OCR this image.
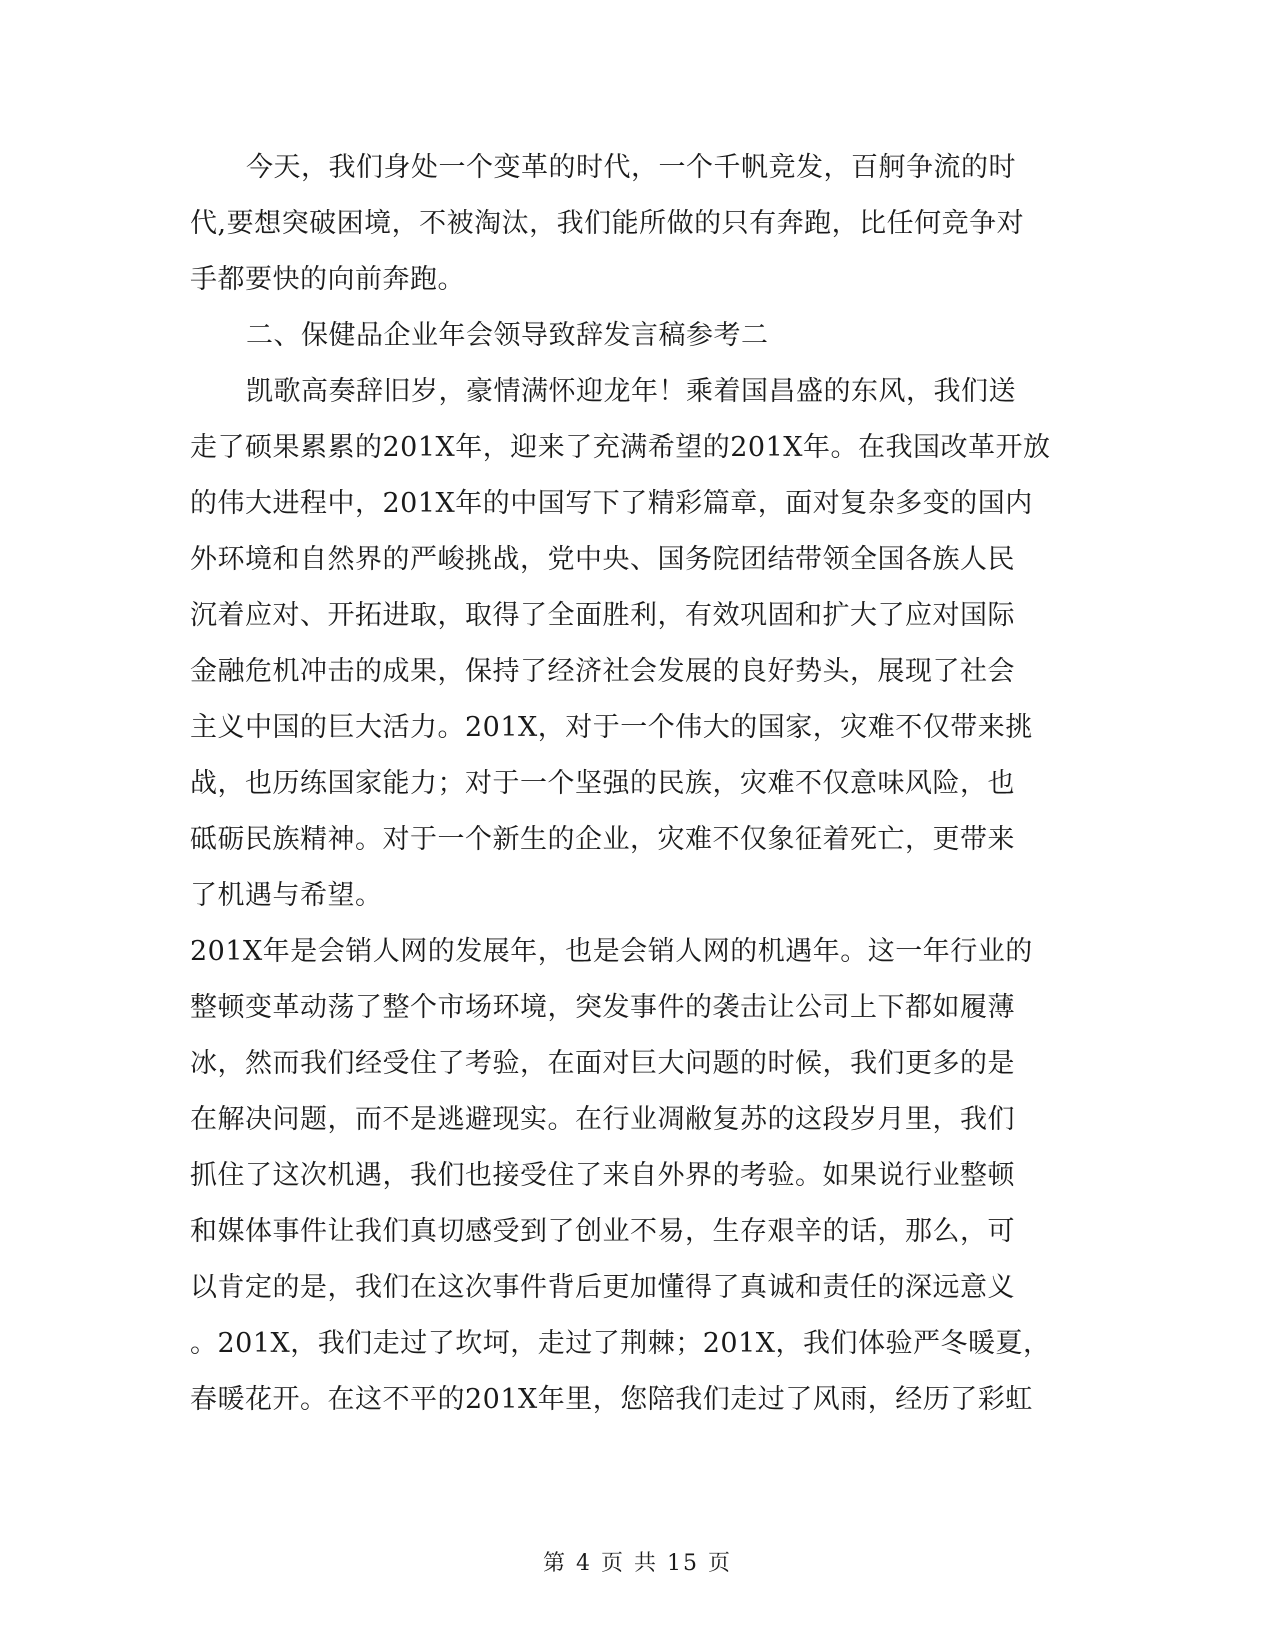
今天，我们身处一个变革的时代，一个千帆竞发，百舸争流的时
代,要想突破困境，不被淘汰，我们能所做的只有奔跑，比任何竞争对
手都要快的向前奔跑。
二、保健品企业年会领导致辞发言稿参考二
凯歌高奏辞旧岁，豪情满怀迎龙年！乘着国昌盛的东风，我们送
走了硕果累累的201X年，迎来了充满希望的201X年。在我国改革开放
的伟大进程中，201X年的中国写下了精彩篇章，面对复杂多变的国内
外环境和自然界的严峻挑战，党中央、国务院团结带领全国各族人民
沉着应对、开拓进取，取得了全面胜利，有效巩固和扩大了应对国际
金融危机冲击的成果，保持了经济社会发展的良好势头，展现了社会
主义中国的巨大活力。201X，对于一个伟大的国家，灾难不仅带来挑
战，也历练国家能力；对于一个坚强的民族，灾难不仅意味风险，也
砥砺民族精神。对于一个新生的企业，灾难不仅象征着死亡，更带来
了机遇与希望。
201X年是会销人网的发展年，也是会销人网的机遇年。这一年行业的
整顿变革动荡了整个市场环境，突发事件的袭击让公司上下都如履薄
冰，然而我们经受住了考验，在面对巨大问题的时候，我们更多的是
在解决问题，而不是逃避现实。在行业凋敝复苏的这段岁月里，我们
抓住了这次机遇，我们也接受住了来自外界的考验。如果说行业整顿
和媒体事件让我们真切感受到了创业不易，生存艰辛的话，那么，可
以肯定的是，我们在这次事件背后更加懂得了真诚和责任的深远意义
。201X，我们走过了坎坷，走过了荆棘；201X，我们体验严冬暖夏，
春暖花开。在这不平的201X年里，您陪我们走过了风雨，经历了彩虹
第 4 页 共 15 页
